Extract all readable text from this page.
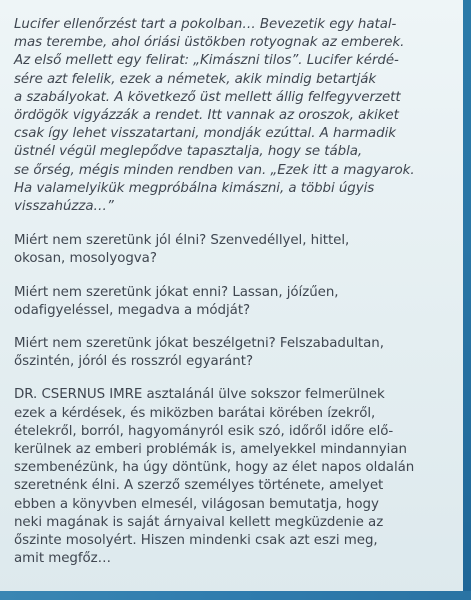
Lucifer ellenőrzést tart a pokolban… Bevezetik egy hatal-
mas terembe, ahol óriási üstökben rotyognak az emberek.
Az első mellett egy felirat: „Kimászni tilos”. Lucifer kérdé-
sére azt felelik, ezek a németek, akik mindig betartják
a szabályokat. A következő üst mellett állig felfegyverzett
ördögök vigyázzák a rendet. Itt vannak az oroszok, akiket
csak így lehet visszatartani, mondják ezúttal. A harmadik
üstnél végül meglepődve tapasztalja, hogy se tábla,
se őrség, mégis minden rendben van. „Ezek itt a magyarok.
Ha valamelyikük megpróbálna kimászni, a többi úgyis
visszahúzza…”

Miért nem szeretünk jól élni? Szenvedéllyel, hittel,
okosan, mosolyogva?

Miért nem szeretünk jókat enni? Lassan, jóízűen,
odafigyeléssel, megadva a módját?

Miért nem szeretünk jókat beszélgetni? Felszabadultan,
őszintén, jóról és rosszról egyaránt?

DR. CSERNUS IMRE asztalánál ülve sokszor felmerülnek
ezek a kérdések, és miközben barátai körében ízekről,
ételekről, borról, hagyományról esik szó, időről időre elő-
kerülnek az emberi problémák is, amelyekkel mindannyian
szembenézünk, ha úgy döntünk, hogy az élet napos oldalán
szeretnénk élni. A szerző személyes története, amelyet
ebben a könyvben elmesél, világosan bemutatja, hogy
neki magának is saját árnyaival kellett megküzdenie az
őszinte mosolyért. Hiszen mindenki csak azt eszi meg,
amit megfőz…
